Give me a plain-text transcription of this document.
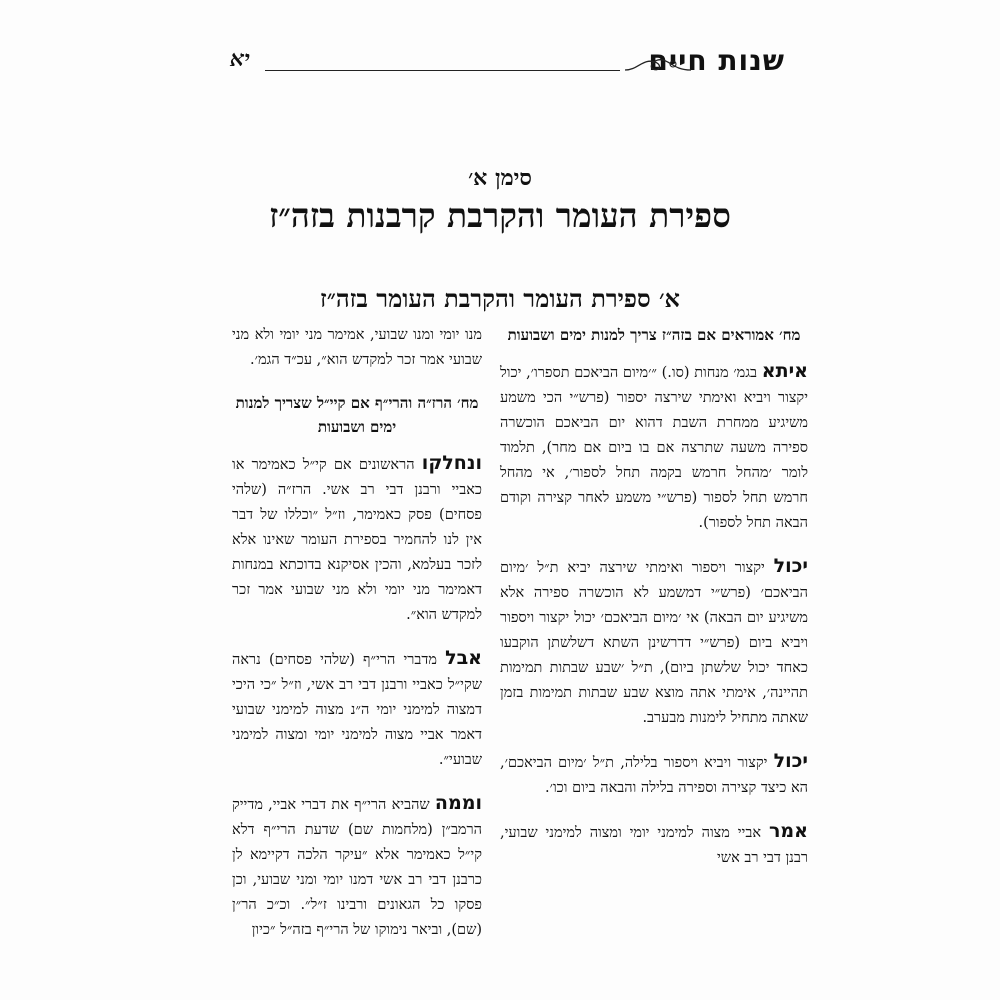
שנות חיים
יא
סימן א׳
ספירת העומר והקרבת קרבנות בזה״ז
א׳ ספירת העומר והקרבת העומר בזה״ז
מח׳ אמוראים אם בזה״ז צריך למנות ימים ושבועות

איתא בגמ׳ מנחות (סו.) ״׳מיום הביאכם תספרו׳, יכול יקצור ויביא ואימתי שירצה יספור (פרש״י הכי משמע משיגיע ממחרת השבת דהוא יום הביאכם הוכשרה ספירה משעה שתרצה אם בו ביום אם מחר), תלמוד לומר ׳מהחל חרמש בקמה תחל לספור׳, אי מהחל חרמש תחל לספור (פרש״י משמע לאחר קצירה וקודם הבאה תחל לספור).

יכול יקצור ויספור ואימתי שירצה יביא ת״ל ׳מיום הביאכם׳ (פרש״י דמשמע לא הוכשרה ספירה אלא משיגיע יום הבאה) אי ׳מיום הביאכם׳ יכול יקצור ויספור ויביא ביום (פרש״י דדרשינן השתא דשלשתן הוקבעו כאחד יכול שלשתן ביום), ת״ל ׳שבע שבתות תמימות תהיינה׳, אימתי אתה מוצא שבע שבתות תמימות בזמן שאתה מתחיל לימנות מבערב.

יכול יקצור ויביא ויספור בלילה, ת״ל ׳מיום הביאכם׳, הא כיצד קצירה וספירה בלילה והבאה ביום וכו׳.

אמר אביי מצוה למימני יומי ומצוה למימני שבועי, רבנן דבי רב אשי

מנו יומי ומנו שבועי, אמימר מני יומי ולא מני שבועי אמר זכר למקדש הוא״, עכ״ד הגמ׳.

מח׳ הרז״ה והרי״ף אם קיי״ל שצריך למנות ימים ושבועות

ונחלקו הראשונים אם קי״ל כאמימר או כאביי ורבנן דבי רב אשי. הרז״ה (שלהי פסחים) פסק כאמימר, וז״ל ״וכללו של דבר אין לנו להחמיר בספירת העומר שאינו אלא לזכר בעלמא, והכין אסיקנא בדוכתא במנחות דאמימר מני יומי ולא מני שבועי אמר זכר למקדש הוא״.

אבל מדברי הרי״ף (שלהי פסחים) נראה שקי״ל כאביי ורבנן דבי רב אשי, וז״ל ״כי היכי דמצוה למימני יומי ה״נ מצוה למימני שבועי דאמר אביי מצוה למימני יומי ומצוה למימני שבועי״.

וממה שהביא הרי״ף את דברי אביי, מדייק הרמב״ן (מלחמות שם) שדעת הרי״ף דלא קי״ל כאמימר אלא ״עיקר הלכה דקיימא לן כרבנן דבי רב אשי דמנו יומי ומני שבועי, וכן פסקו כל הגאונים ורבינו ז״ל״. וכ״כ הר״ן (שם), וביאר נימוקו של הרי״ף בזה״ל ״כיון
